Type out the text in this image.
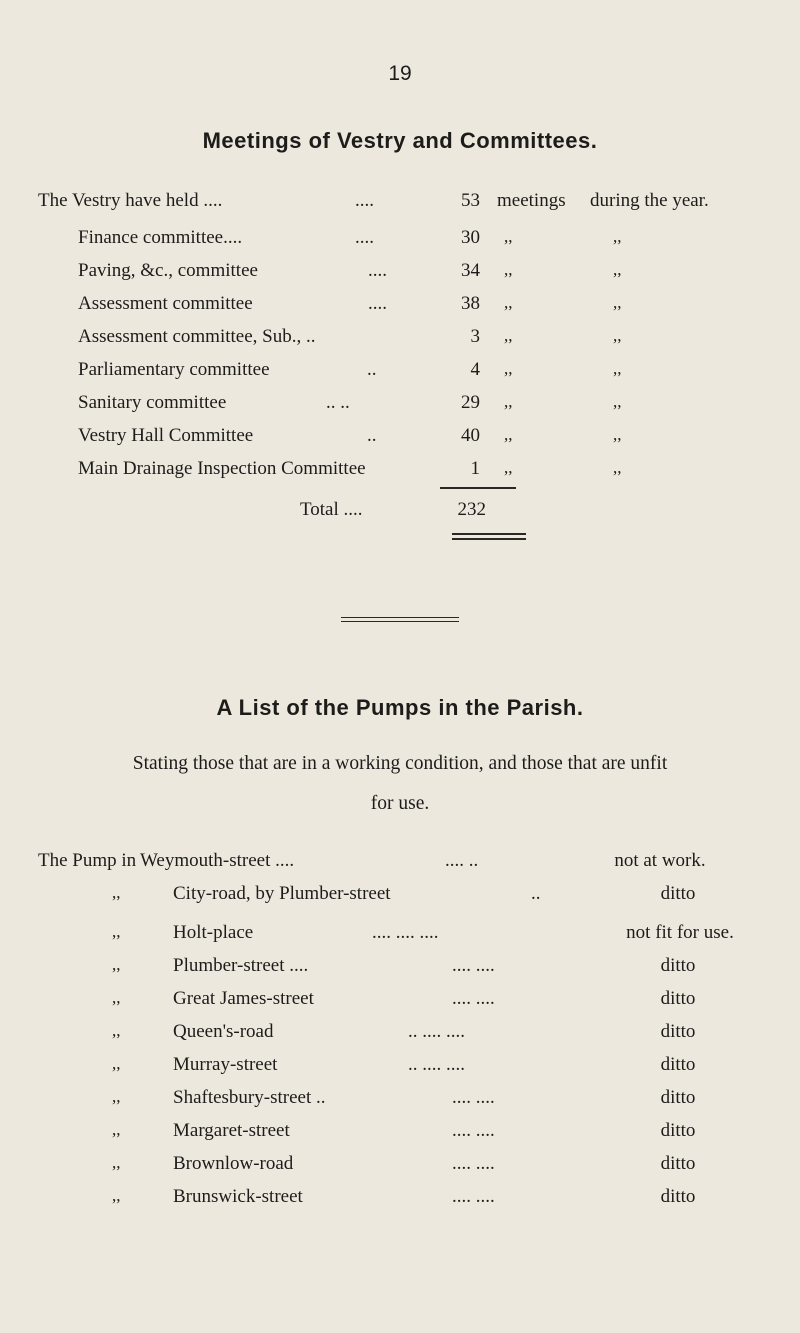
19
Meetings of Vestry and Committees.
The Vestry have held ....	....	53 meetings during the year.
Finance committee....	....	30 ,,	,,
Paving, &c., committee	....	34 ,,	,,
Assessment committee	....	38 ,,	,,
Assessment committee, Sub., ..	3 ,,	,,
Parliamentary committee	..	4 ,,	,,
Sanitary committee	.. ..	29 ,,	,,
Vestry Hall Committee	..	40 ,,	,,
Main Drainage Inspection Committee	1 ,,	,,
Total ....	232
A List of the Pumps in the Parish.
Stating those that are in a working condition, and those that are unfit
for use.
The Pump in Weymouth-street ....	.... ..	not at work.
,,	City-road, by Plumber-street	..	ditto
,,	Holt-place	.... .... ....	not fit for use.
,,	Plumber-street ....	.... ....	ditto
,,	Great James-street	.... ....	ditto
,,	Queen's-road	.. .... ....	ditto
,,	Murray-street	.. .... ....	ditto
,,	Shaftesbury-street ..	.... ....	ditto
,,	Margaret-street	.... ....	ditto
,,	Brownlow-road	.... ....	ditto
,,	Brunswick-street	.... ....	ditto
